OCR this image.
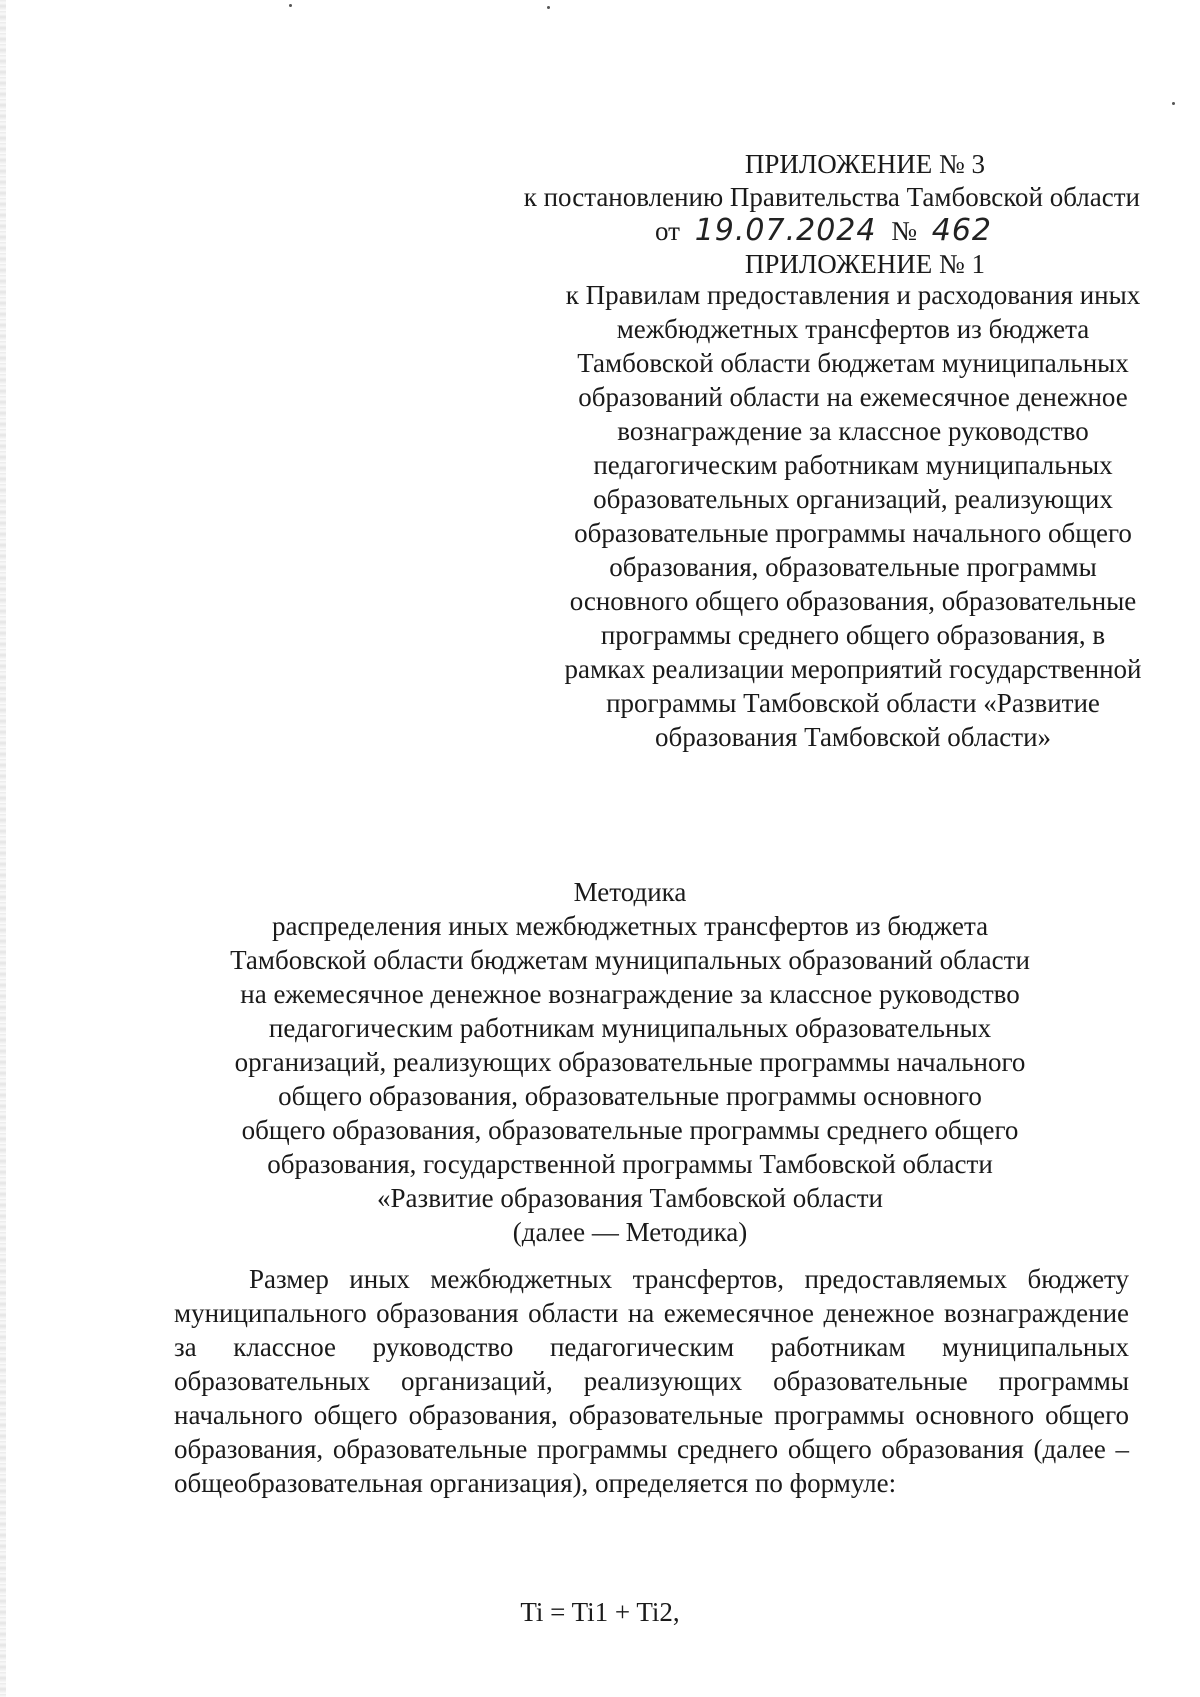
ПРИЛОЖЕНИЕ № 3
к постановлению Правительства Тамбовской области
от 19.07.2024 № 462
ПРИЛОЖЕНИЕ № 1
к Правилам предоставления и расходования иных межбюджетных трансфертов из бюджета Тамбовской области бюджетам муниципальных образований области на ежемесячное денежное вознаграждение за классное руководство педагогическим работникам муниципальных образовательных организаций, реализующих образовательные программы начального общего образования, образовательные программы основного общего образования, образовательные программы среднего общего образования, в рамках реализации мероприятий государственной программы Тамбовской области «Развитие образования Тамбовской области»
Методика
распределения иных межбюджетных трансфертов из бюджета
Тамбовской области бюджетам муниципальных образований области
на ежемесячное денежное вознаграждение за классное руководство
педагогическим работникам муниципальных образовательных
организаций, реализующих образовательные программы начального
общего образования, образовательные программы основного
общего образования, образовательные программы среднего общего
образования, государственной программы Тамбовской области
«Развитие образования Тамбовской области
(далее — Методика)
Размер иных межбюджетных трансфертов, предоставляемых бюджету муниципального образования области на ежемесячное денежное вознаграждение за классное руководство педагогическим работникам муниципальных образовательных организаций, реализующих образовательные программы начального общего образования, образовательные программы основного общего образования, образовательные программы среднего общего образования (далее – общеобразовательная организация), определяется по формуле:
Ti = Ti1 + Ti2,
